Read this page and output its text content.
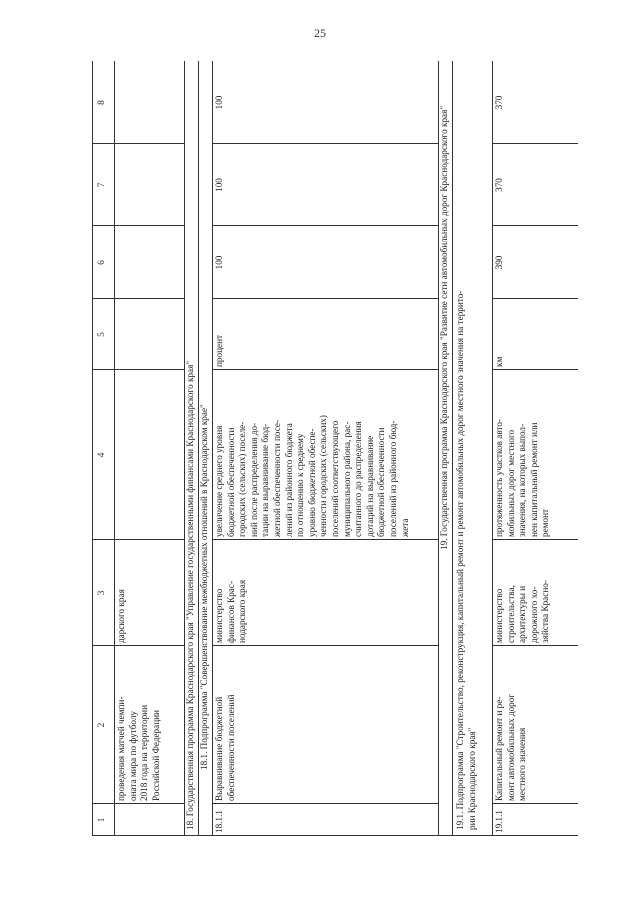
25
1
2
3
4
5
6
7
8
проведения матчей чемпи-
оната мира по футболу
2018 года на территории
Российской Федерации
дарского края	18. Государственная программа Краснодарского края "Управление государственными финансами Краснодарского края" 18.1. Подпрограмма "Совершенствование межбюджетных отношений в Краснодарском крае"
18.1.1
Выравнивание бюджетной
обеспеченности поселений
министерство
финансов Крас-
нодарского края
увеличение среднего уровня
бюджетной обеспеченности
городских (сельских) поселе-
ний после распределения до-
тации на выравнивание бюд-
жетной обеспеченности посе-
лений из районного бюджета
по отношению к среднему
уровню бюджетной обеспе-
ченности городских (сельских)
поселений соответствующего
муниципального района, рас-
считанного до распределения
дотаций на выравнивание
бюджетной обеспеченности
поселений из районного бюд-
жета
процент
100
100
100
19. Государственная программа Краснодарского края "Развитие сети автомобильных дорог Краснодарского края"
19.1. Подпрограмма "Строительство, реконструкция, капитальный ремонт и ремонт автомобильных дорог местного значения на террито-
рии Краснодарского края"
19.1.1
Капитальный ремонт и ре-
монт автомобильных дорог
местного значения
министерство
строительства,
архитектуры и
дорожного хо-
зяйства Красно-
протяженность участков авто-
мобильных дорог местного
значения, на которых выпол-
нен капитальный ремонт или
ремонт
км
390
370
370
